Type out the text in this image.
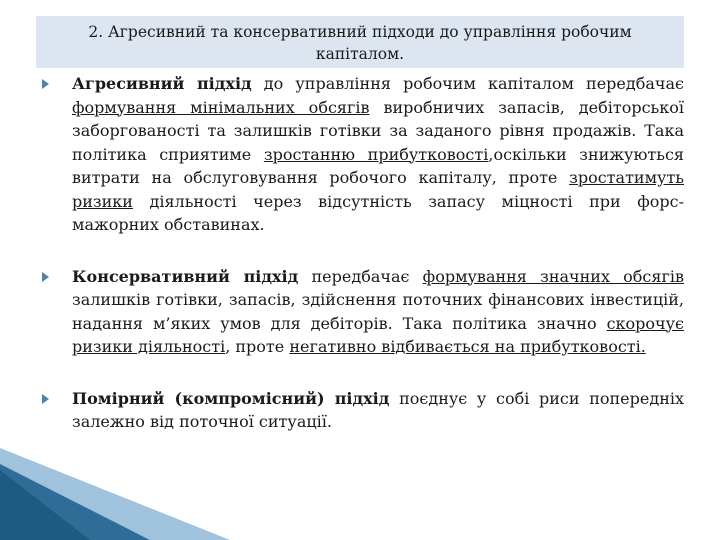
2. Агресивний та консервативний підходи до управління робочим
капіталом.
Агресивний підхід до управління робочим капіталом передбачає формування мінімальних обсягів виробничих запасів, дебіторської заборгованості та залишків готівки за заданого рівня продажів. Така політика сприятиме зростанню прибутковості,оскільки знижуються витрати на обслуговування робочого капіталу, проте зростатимуть ризики діяльності через відсутність запасу міцності при форс-мажорних обставинах.
Консервативний підхід передбачає формування значних обсягів залишків готівки, запасів, здійснення поточних фінансових інвестицій, надання м’яких умов для дебіторів. Така політика значно скорочує ризики діяльності, проте негативно відбивається на прибутковості.
Помірний (компромісний) підхід поєднує у собі риси попередніх залежно від поточної ситуації.
